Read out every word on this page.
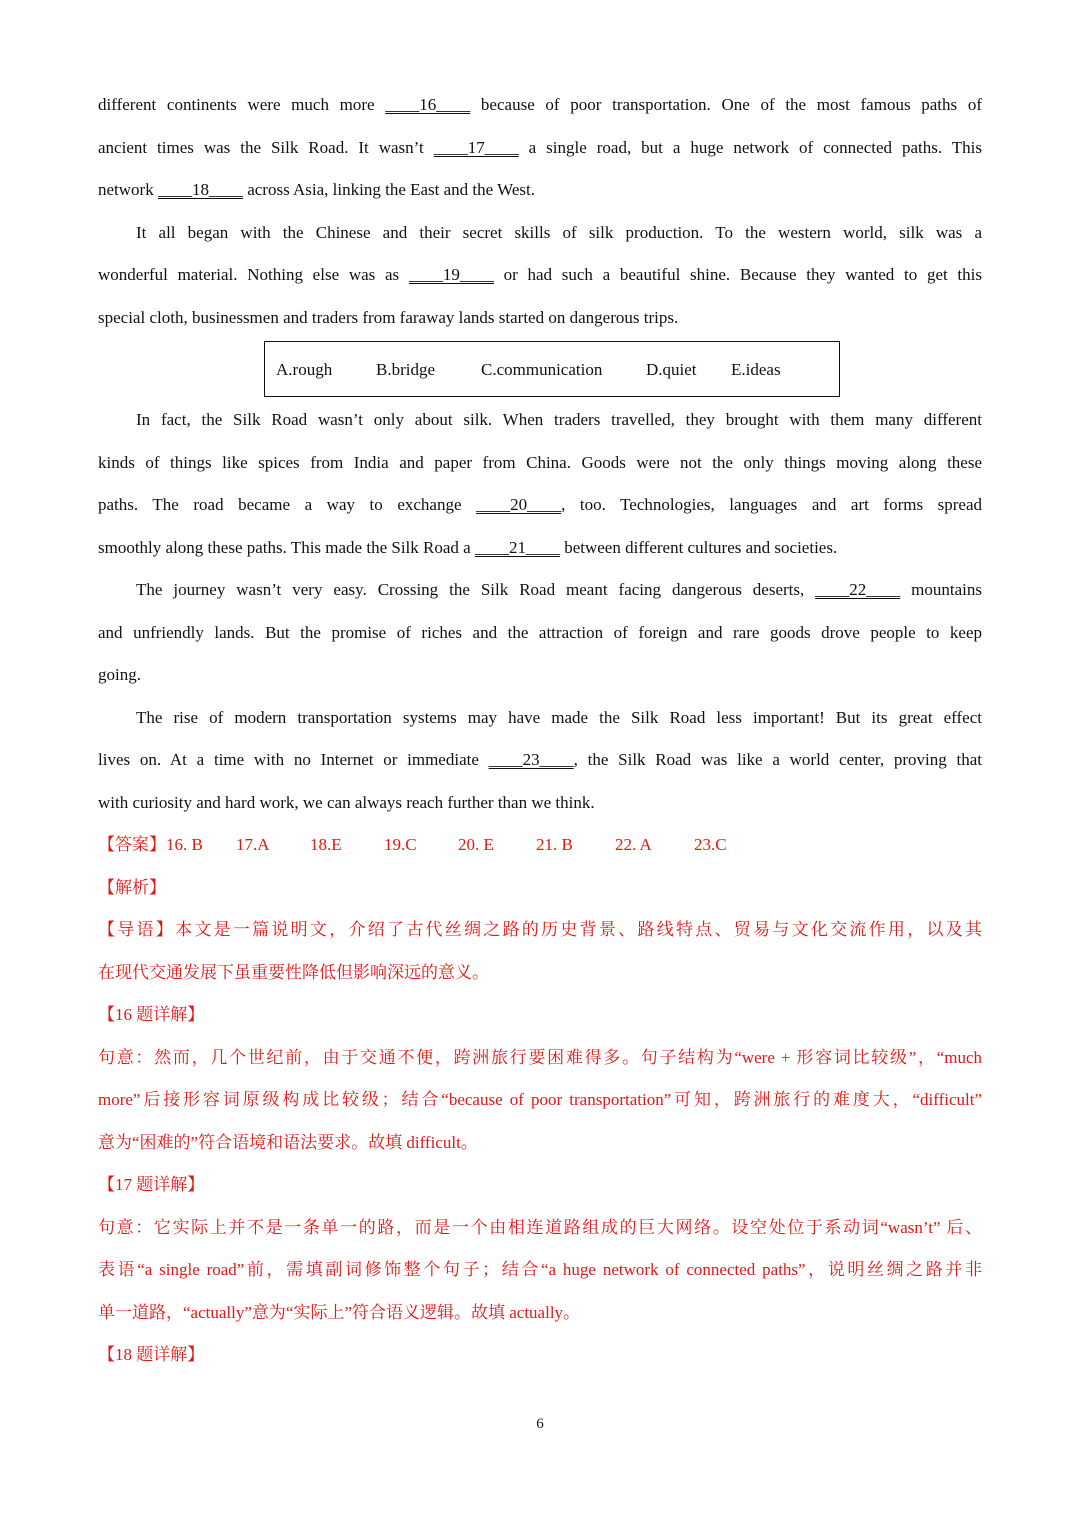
different continents were much more ____16____ because of poor transportation. One of the most famous paths of
ancient times was the Silk Road. It wasn’t ____17____ a single road, but a huge network of connected paths. This
network ____18____ across Asia, linking the East and the West.
It all began with the Chinese and their secret skills of silk production. To the western world, silk was a
wonderful material. Nothing else was as ____19____ or had such a beautiful shine. Because they wanted to get this
special cloth, businessmen and traders from faraway lands started on dangerous trips.
A.rough	B.bridge	C.communication	D.quiet E.ideas
In fact, the Silk Road wasn’t only about silk. When traders travelled, they brought with them many different
kinds of things like spices from India and paper from China. Goods were not the only things moving along these
paths. The road became a way to exchange ____20____, too. Technologies, languages and art forms spread
smoothly along these paths. This made the Silk Road a ____21____ between different cultures and societies.
The journey wasn’t very easy. Crossing the Silk Road meant facing dangerous deserts, ____22____ mountains
and unfriendly lands. But the promise of riches and the attraction of foreign and rare goods drove people to keep
going.
The rise of modern transportation systems may have made the Silk Road less important! But its great effect
lives on. At a time with no Internet or immediate ____23____, the Silk Road was like a world center, proving that
with curiosity and hard work, we can always reach further than we think.
【答案】16. B 17.A 18.E 19.C 20. E 21. B 22. A 23.C
【解析】
【导语】本文是一篇说明文，介绍了古代丝绸之路的历史背景、路线特点、贸易与文化交流作用，以及其
在现代交通发展下虽重要性降低但影响深远的意义。
【16 题详解】
句意：然而，几个世纪前，由于交通不便，跨洲旅行要困难得多。句子结构为“were + 形容词比较级”，“much
more”后接形容词原级构成比较级；结合“because of poor transportation”可知，跨洲旅行的难度大，“difficult”
意为“困难的”符合语境和语法要求。故填 difficult。
【17 题详解】
句意：它实际上并不是一条单一的路，而是一个由相连道路组成的巨大网络。设空处位于系动词“wasn’t” 后、
表语“a single road”前，需填副词修饰整个句子；结合“a huge network of connected paths”，说明丝绸之路并非
单一道路，“actually”意为“实际上”符合语义逻辑。故填 actually。
【18 题详解】
6
